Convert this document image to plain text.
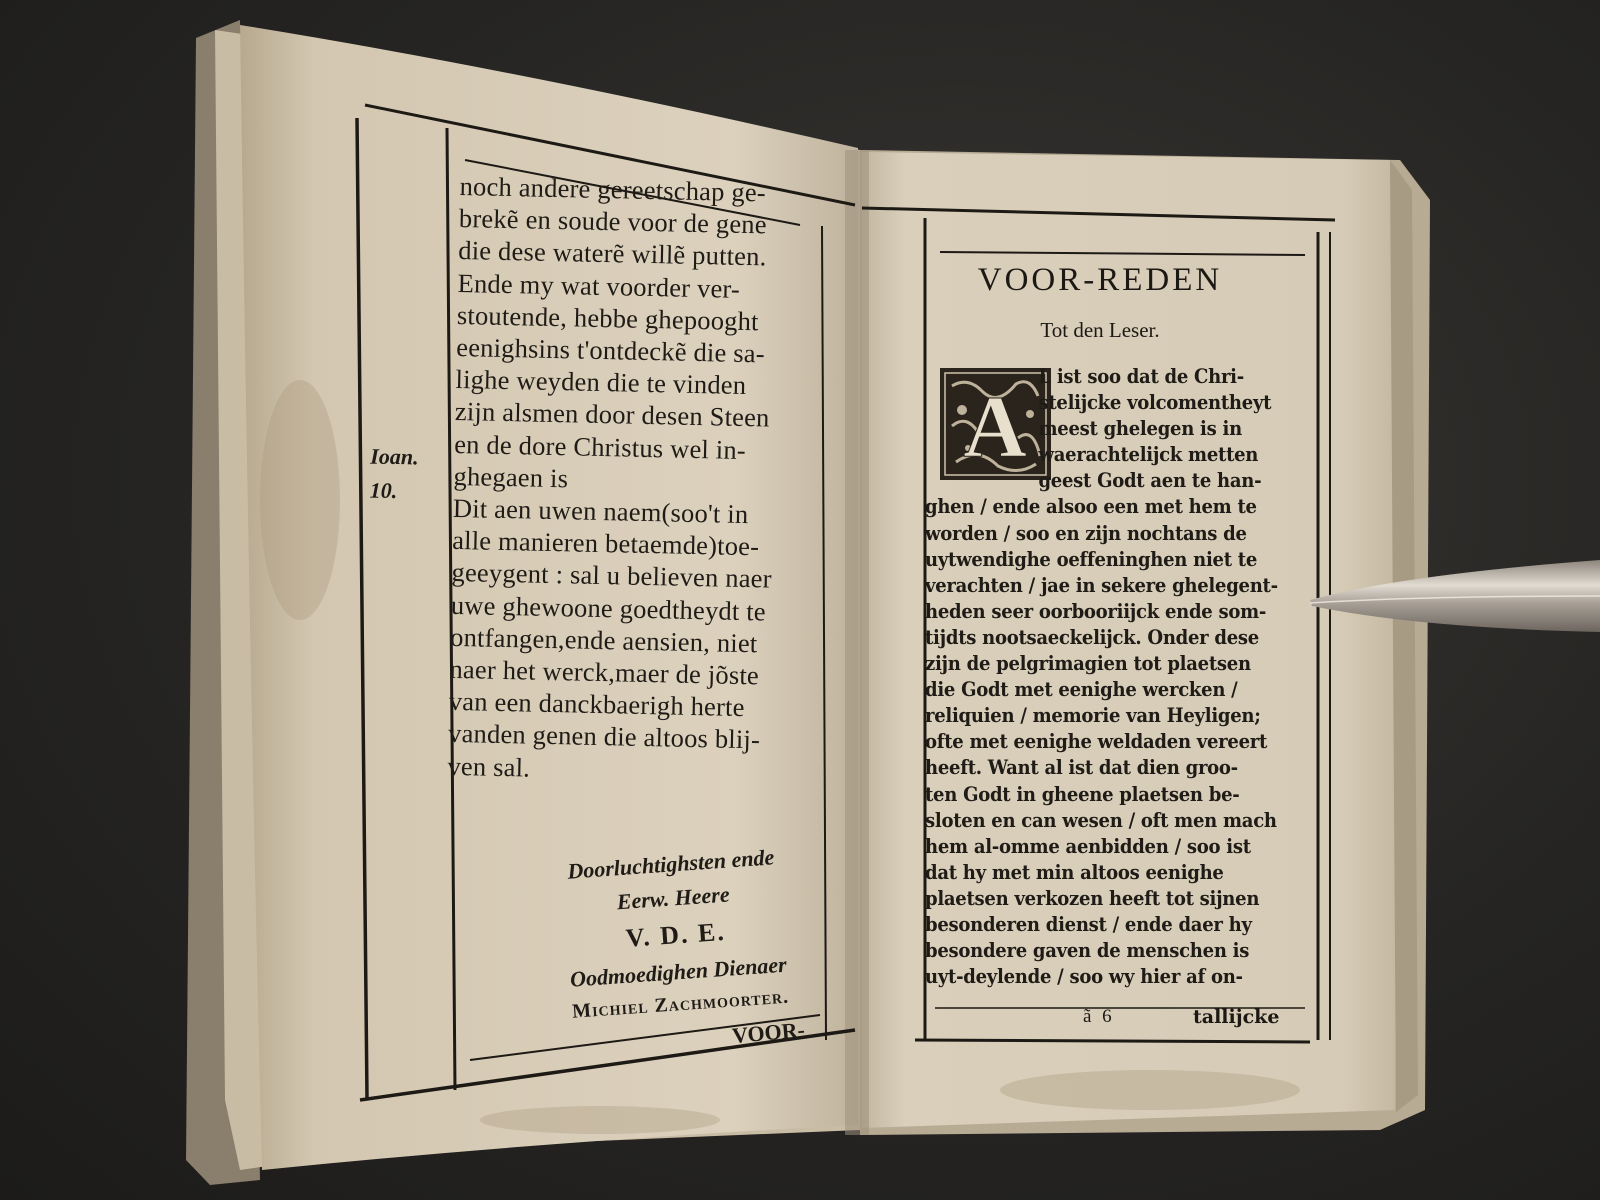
noch andere gereetschap ge-
brekẽ en soude voor de gene
die dese waterẽ willẽ putten.
Ende my wat voorder ver-
stoutende, hebbe ghepooght
eenighsins t'ontdeckẽ die sa-
lighe weyden die te vinden
zijn alsmen door desen Steen
en de dore Christus wel in-
ghegaen is
Dit aen uwen naem(soo't in
alle manieren betaemde)toe-
geeygent : sal u believen naer
uwe ghewoone goedtheydt te
ontfangen,ende aensien, niet
naer het werck,maer de jõste
van een danckbaerigh herte
vanden genen die altoos blij-
ven sal.
Ioan.
10.
Doorluchtighsten ende
Eerw. Heere
V. D. E.
Oodmoedighen Dienaer
Michiel Zachmoorter.
VOOR-
VOOR-REDEN
Tot den Leser.
A
L ist soo dat de Chri-
stelijcke volcomentheyt
meest ghelegen is in
waerachtelijck metten
geest Godt aen te han-
ghen / ende alsoo een met hem te
worden / soo en zijn nochtans de
uytwendighe oeffeninghen niet te
verachten / jae in sekere ghelegent-
heden seer oorbooriijck ende som-
tijdts nootsaeckelijck. Onder dese
zijn de pelgrimagien tot plaetsen
die Godt met eenighe wercken /
reliquien / memorie van Heyligen;
ofte met eenighe weldaden vereert
heeft. Want al ist dat dien groo-
ten Godt in gheene plaetsen be-
sloten en can wesen / oft men mach
hem al-omme aenbidden / soo ist
dat hy met min altoos eenighe
plaetsen verkozen heeft tot sijnen
besonderen dienst / ende daer hy
besondere gaven de menschen is
uyt-deylende / soo wy hier af on-
ã 6	tallijcke
